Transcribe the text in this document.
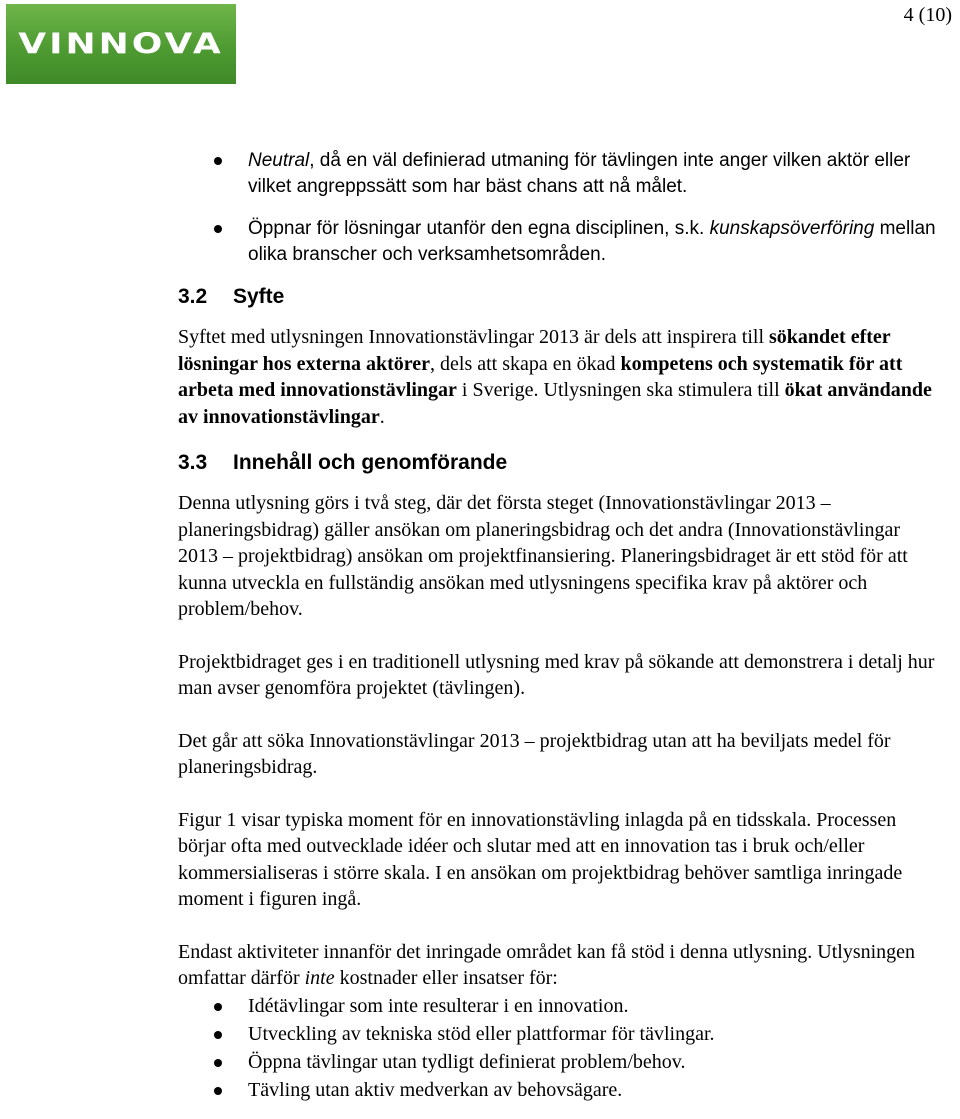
VINNOVA
4 (10)
Neutral, då en väl definierad utmaning för tävlingen inte anger vilken aktör eller vilket angreppssätt som har bäst chans att nå målet.
Öppnar för lösningar utanför den egna disciplinen, s.k. kunskapsöverföring mellan olika branscher och verksamhetsområden.
3.2 Syfte

Syftet med utlysningen Innovationstävlingar 2013 är dels att inspirera till sökandet efter lösningar hos externa aktörer, dels att skapa en ökad kompetens och systematik för att arbeta med innovationstävlingar i Sverige. Utlysningen ska stimulera till ökat användande av innovationstävlingar.

3.3 Innehåll och genomförande

Denna utlysning görs i två steg, där det första steget (Innovationstävlingar 2013 – planeringsbidrag) gäller ansökan om planeringsbidrag och det andra (Innovationstävlingar 2013 – projektbidrag) ansökan om projektfinansiering. Planeringsbidraget är ett stöd för att kunna utveckla en fullständig ansökan med utlysningens specifika krav på aktörer och problem/behov.

Projektbidraget ges i en traditionell utlysning med krav på sökande att demonstrera i detalj hur man avser genomföra projektet (tävlingen).

Det går att söka Innovationstävlingar 2013 – projektbidrag utan att ha beviljats medel för planeringsbidrag.

Figur 1 visar typiska moment för en innovationstävling inlagda på en tidsskala. Processen börjar ofta med outvecklade idéer och slutar med att en innovation tas i bruk och/eller kommersialiseras i större skala. I en ansökan om projektbidrag behöver samtliga inringade moment i figuren ingå.

Endast aktiviteter innanför det inringade området kan få stöd i denna utlysning. Utlysningen omfattar därför inte kostnader eller insatser för:

Idétävlingar som inte resulterar i en innovation.
Utveckling av tekniska stöd eller plattformar för tävlingar.
Öppna tävlingar utan tydligt definierat problem/behov.
Tävling utan aktiv medverkan av behovsägare.
